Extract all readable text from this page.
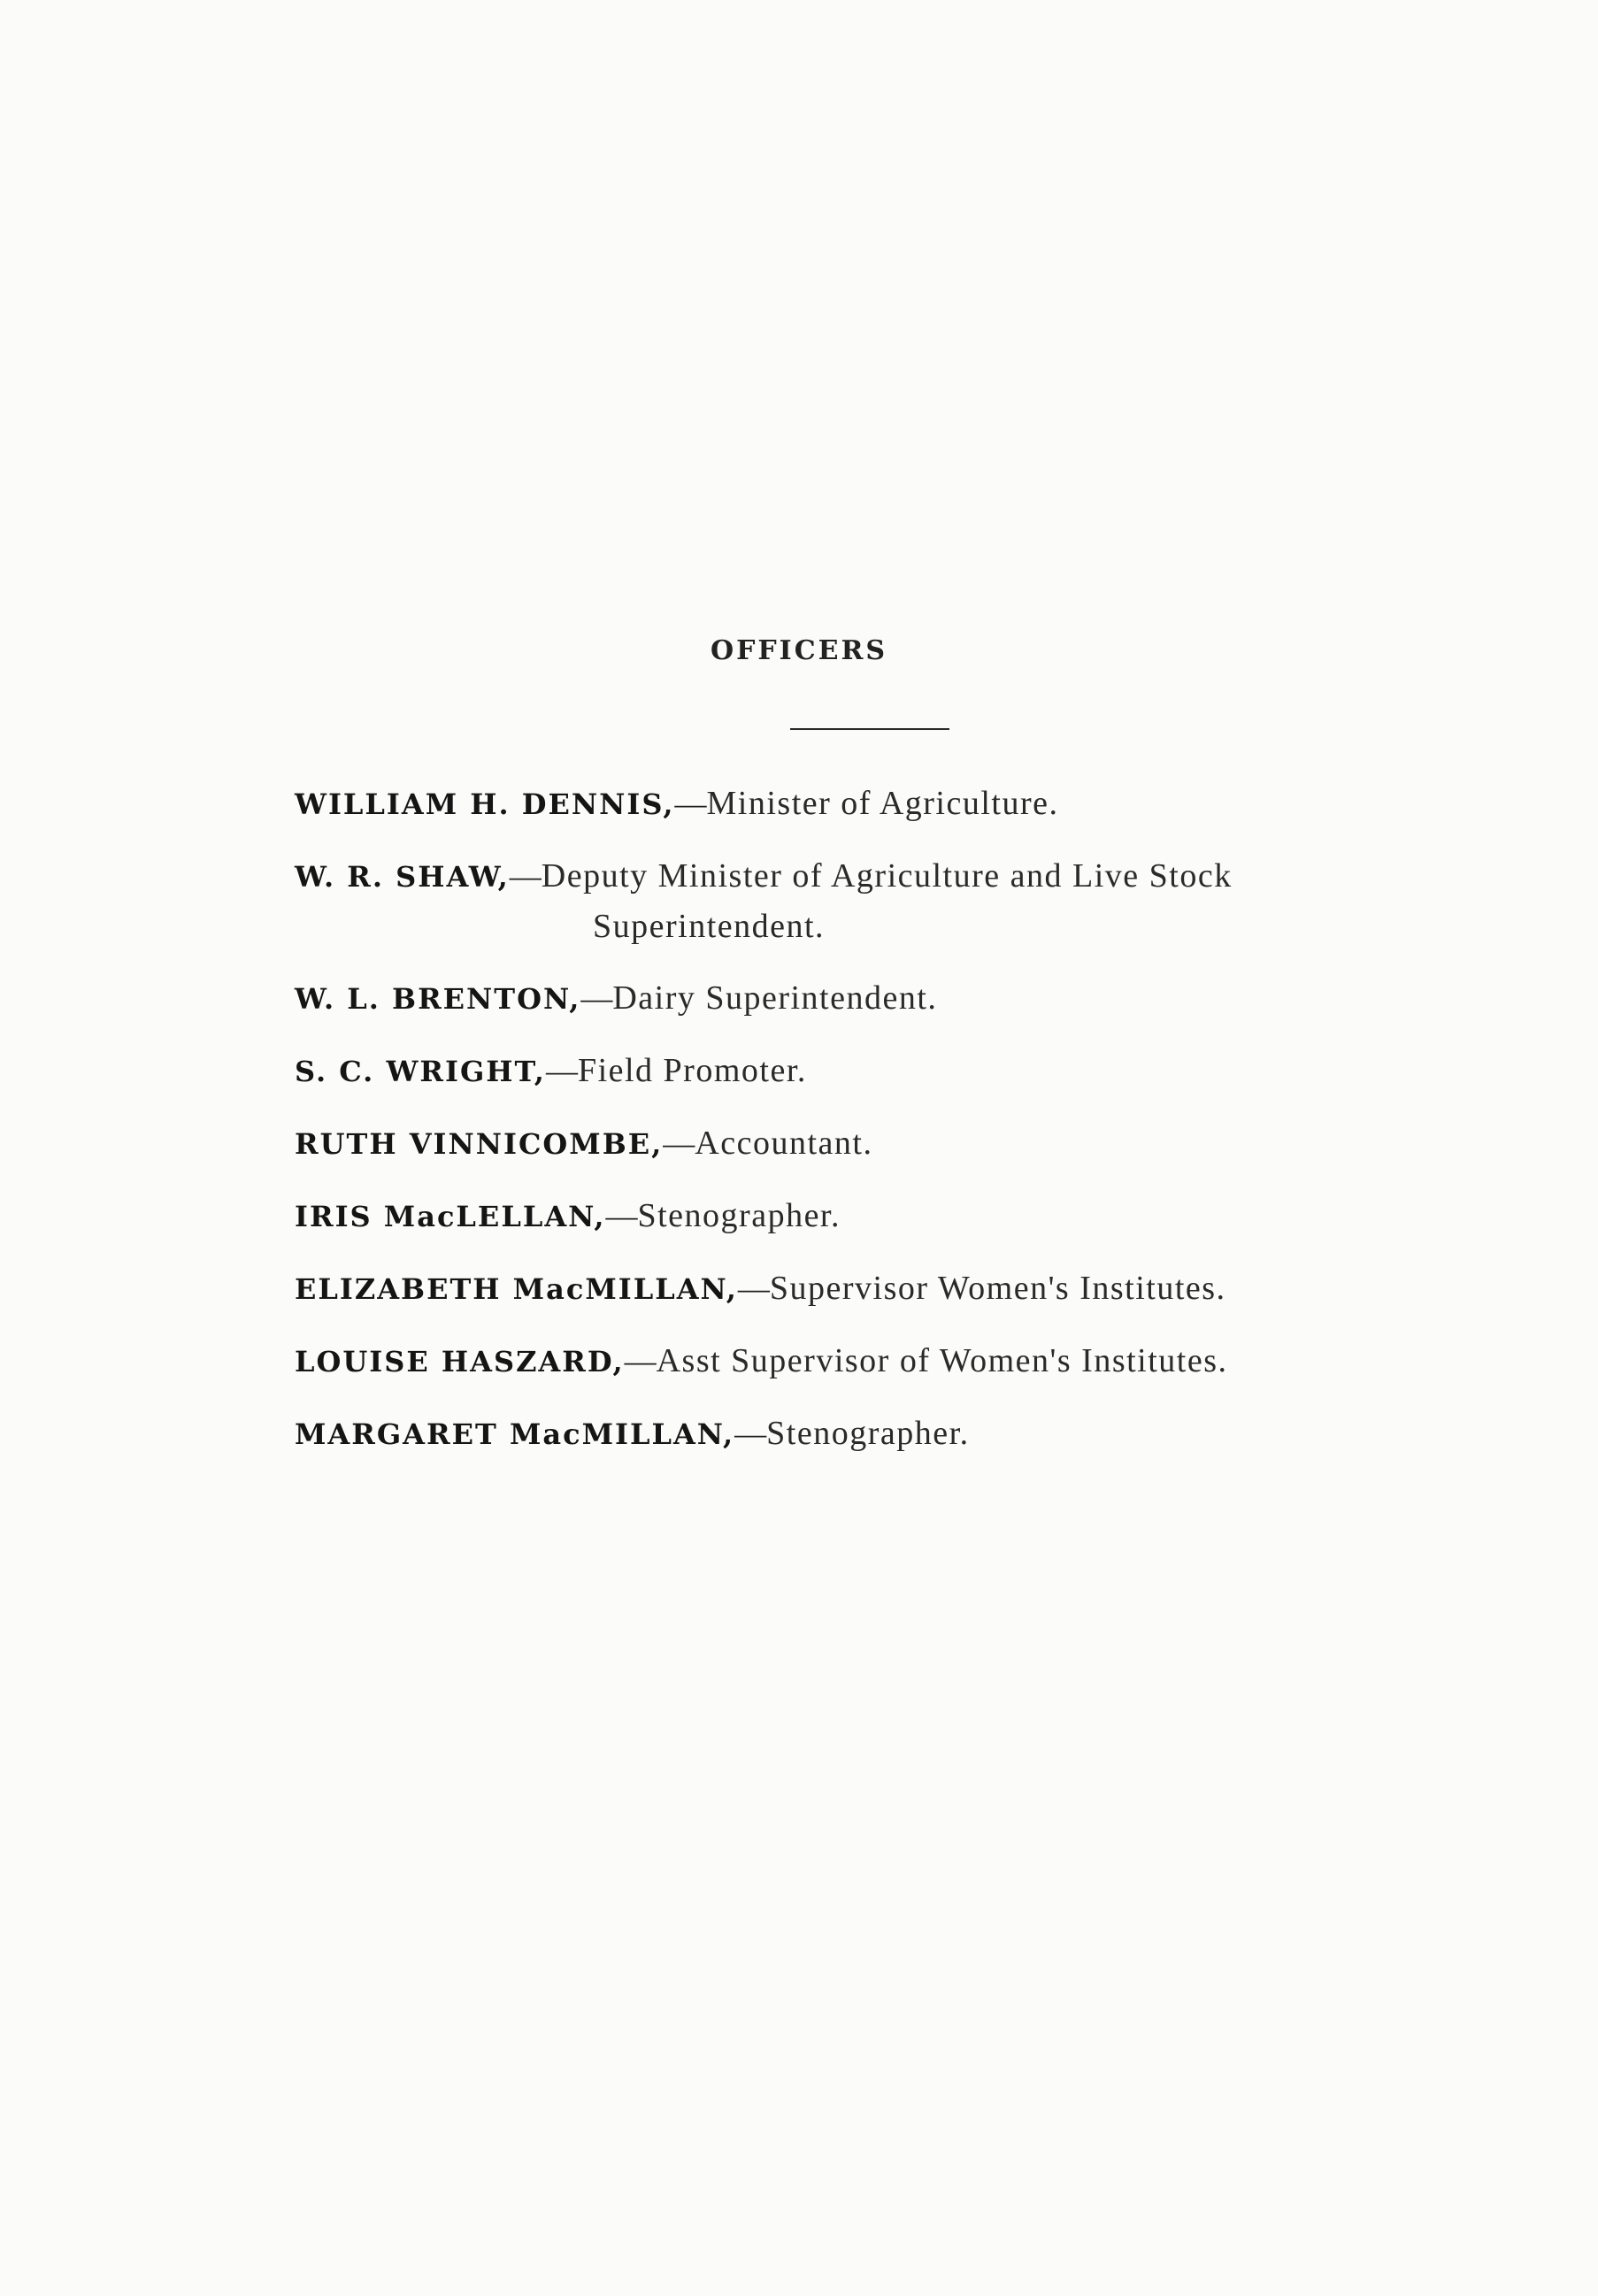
OFFICERS
WILLIAM H. DENNIS,—Minister of Agriculture.
W. R. SHAW,—Deputy Minister of Agriculture and Live Stock
Superintendent.
W. L. BRENTON,—Dairy Superintendent.
S. C. WRIGHT,—Field Promoter.
RUTH VINNICOMBE,—Accountant.
IRIS MacLELLAN,—Stenographer.
ELIZABETH MacMILLAN,—Supervisor Women's Institutes.
LOUISE HASZARD,—Asst Supervisor of Women's Institutes.
MARGARET MacMILLAN,—Stenographer.
